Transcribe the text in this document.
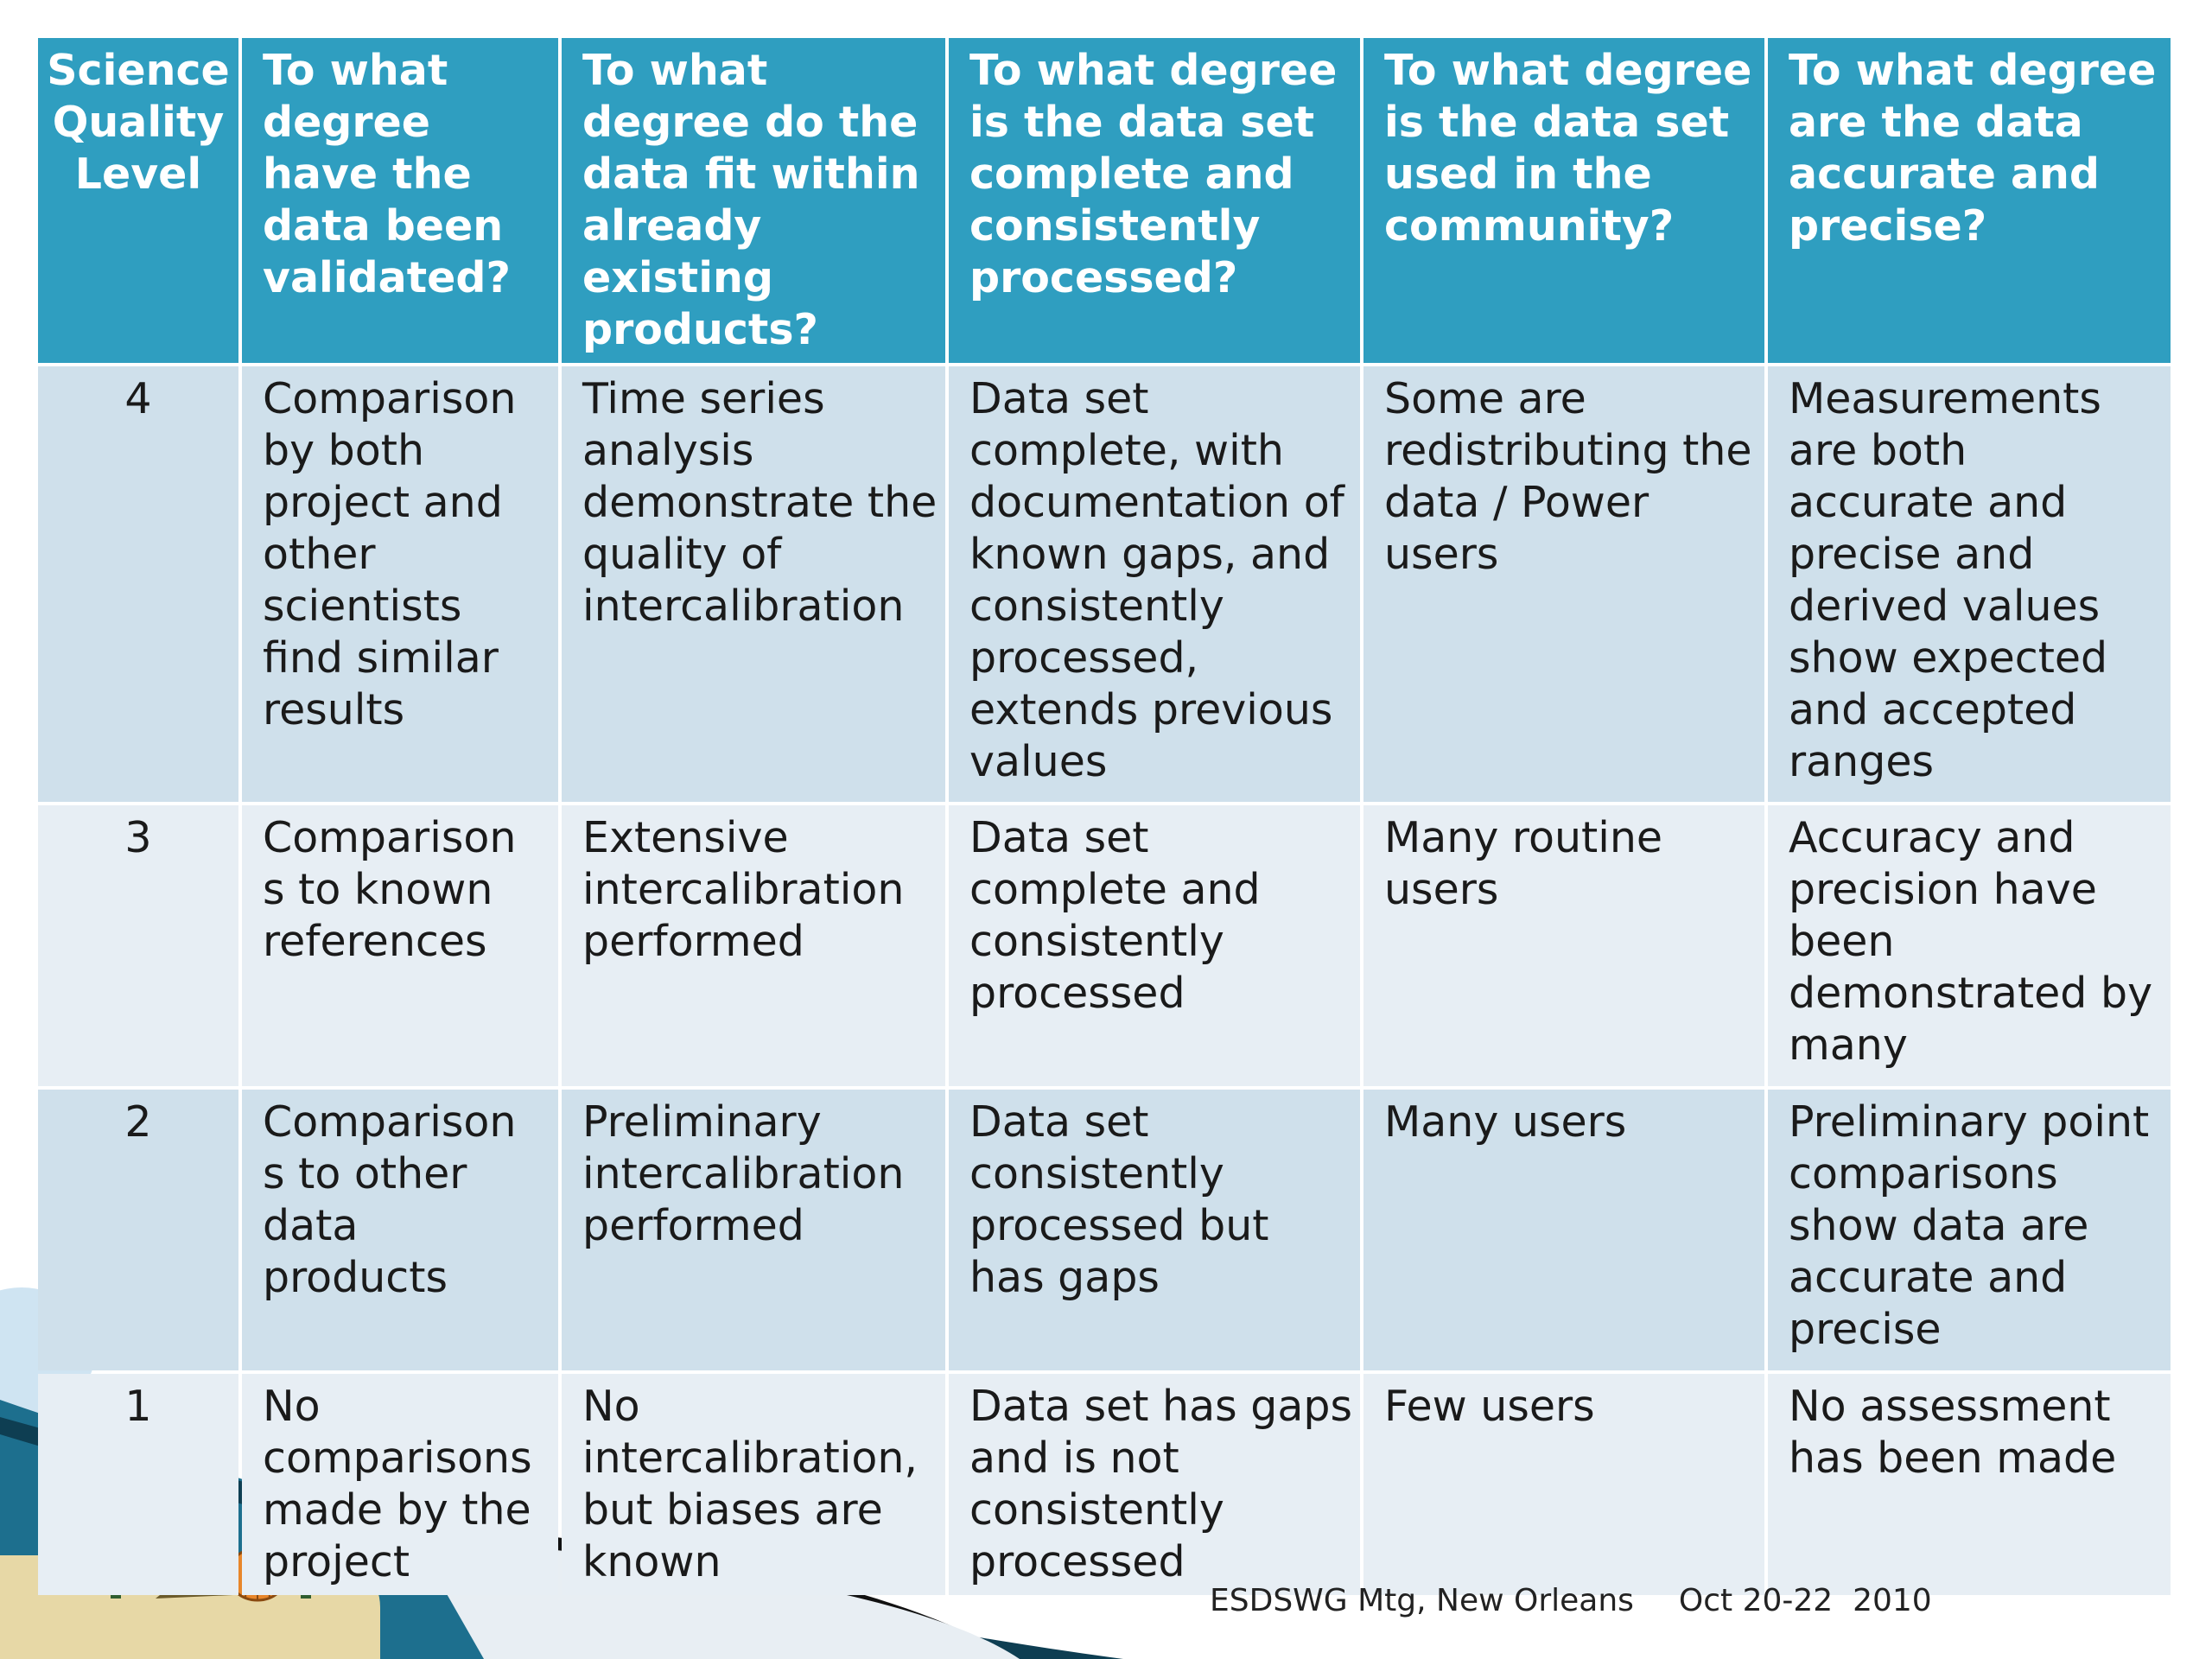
Science Quality Level	To what degree have the data been validated?	To what degree do the data fit within already existing products?	To what degree is the data set complete and consistently processed?	To what degree is the data set used in the community?	To what degree are the data accurate and precise?
4	Comparison by both project and other scientists find similar results	Time series analysis demonstrate the quality of intercalibration	Data set complete, with documentation of known gaps, and consistently processed, extends previous values	Some are redistributing the data / Power users	Measurements are both accurate and precise and derived values show expected and accepted ranges
3	Comparison s to known references	Extensive intercalibration performed	Data set complete and consistently processed	Many routine users	Accuracy and precision have been demonstrated by many
2	Comparison s to other data products	Preliminary intercalibration performed	Data set consistently processed but has gaps	Many users	Preliminary point comparisons show data are accurate and precise
1	No comparisons made by the project	No intercalibration, but biases are known	Data set has gaps and is not consistently processed	Few users	No assessment has been made
ESDSWG Mtg, New Orleans Oct 20-22  2010
